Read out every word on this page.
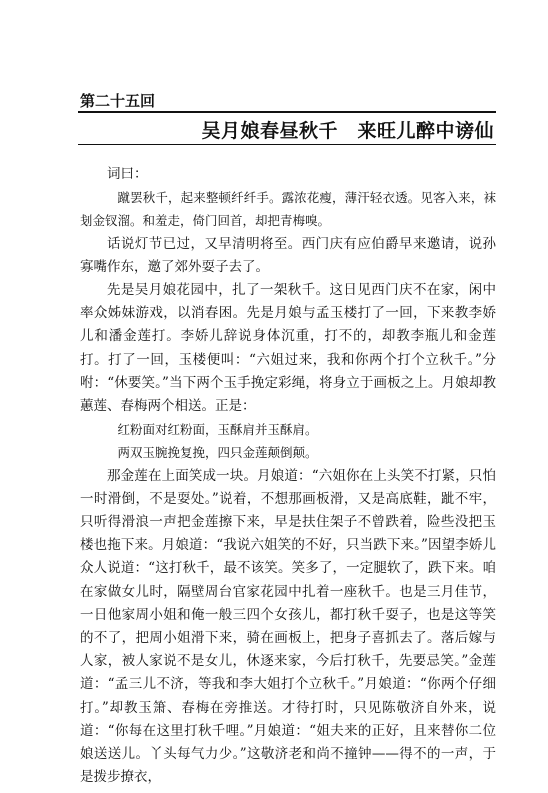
第二十五回
吴月娘春昼秋千　来旺儿醉中谤仙

词曰：

蹴罢秋千，起来整顿纤纤手。露浓花瘦，薄汗轻衣透。见客入来，袜刬金钗溜。和羞走，倚门回首，却把青梅嗅。

话说灯节已过，又早清明将至。西门庆有应伯爵早来邀请，说孙寡嘴作东，邀了郊外耍子去了。

先是吴月娘花园中，扎了一架秋千。这日见西门庆不在家，闲中率众姊妹游戏，以消春困。先是月娘与孟玉楼打了一回，下来教李娇儿和潘金莲打。李娇儿辞说身体沉重，打不的，却教李瓶儿和金莲打。打了一回，玉楼便叫：“六姐过来，我和你两个打个立秋千。”分咐：“休要笑。”当下两个玉手挽定彩绳，将身立于画板之上。月娘却教蕙莲、春梅两个相送。正是：

红粉面对红粉面，玉酥肩并玉酥肩。

两双玉腕挽复挽，四只金莲颠倒颠。

那金莲在上面笑成一块。月娘道：“六姐你在上头笑不打紧，只怕一时滑倒，不是耍处。”说着，不想那画板滑，又是高底鞋，跐不牢，只听得滑浪一声把金莲擦下来，早是扶住架子不曾跌着，险些没把玉楼也拖下来。月娘道：“我说六姐笑的不好，只当跌下来。”因望李娇儿众人说道：“这打秋千，最不该笑。笑多了，一定腿软了，跌下来。咱在家做女儿时，隔壁周台官家花园中扎着一座秋千。也是三月佳节，一日他家周小姐和俺一般三四个女孩儿，都打秋千耍子，也是这等笑的不了，把周小姐滑下来，骑在画板上，把身子喜抓去了。落后嫁与人家，被人家说不是女儿，休逐来家，今后打秋千，先要忌笑。”金莲道：“孟三儿不济，等我和李大姐打个立秋千。”月娘道：“你两个仔细打。”却教玉箫、春梅在旁推送。才待打时，只见陈敬济自外来，说道：“你每在这里打秋千哩。”月娘道：“姐夫来的正好，且来替你二位娘送送儿。丫头每气力少。”这敬济老和尚不撞钟——得不的一声，于是拨步撩衣，
